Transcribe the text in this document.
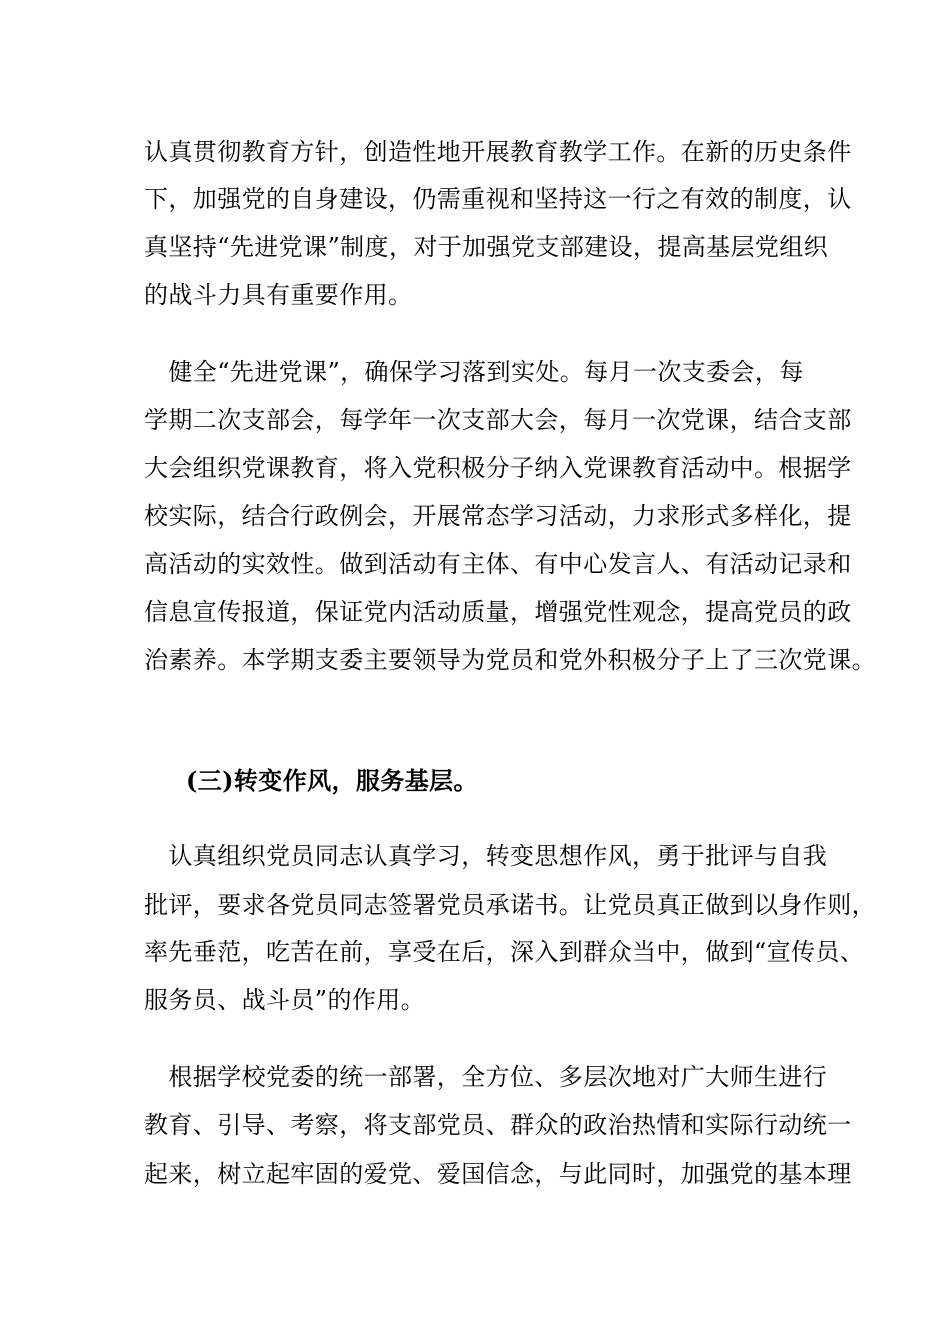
认真贯彻教育方针，创造性地开展教育教学工作。在新的历史条件
下，加强党的自身建设，仍需重视和坚持这一行之有效的制度，认
真坚持“先进党课”制度，对于加强党支部建设，提高基层党组织
的战斗力具有重要作用。
　健全“先进党课”，确保学习落到实处。每月一次支委会，每
学期二次支部会，每学年一次支部大会，每月一次党课，结合支部
大会组织党课教育，将入党积极分子纳入党课教育活动中。根据学
校实际，结合行政例会，开展常态学习活动，力求形式多样化，提
高活动的实效性。做到活动有主体、有中心发言人、有活动记录和
信息宣传报道，保证党内活动质量，增强党性观念，提高党员的政
治素养。本学期支委主要领导为党员和党外积极分子上了三次党课。
(三)转变作风，服务基层。
　认真组织党员同志认真学习，转变思想作风，勇于批评与自我
批评，要求各党员同志签署党员承诺书。让党员真正做到以身作则，
率先垂范，吃苦在前，享受在后，深入到群众当中，做到“宣传员、
服务员、战斗员”的作用。
　根据学校党委的统一部署，全方位、多层次地对广大师生进行
教育、引导、考察，将支部党员、群众的政治热情和实际行动统一
起来，树立起牢固的爱党、爱国信念，与此同时，加强党的基本理
